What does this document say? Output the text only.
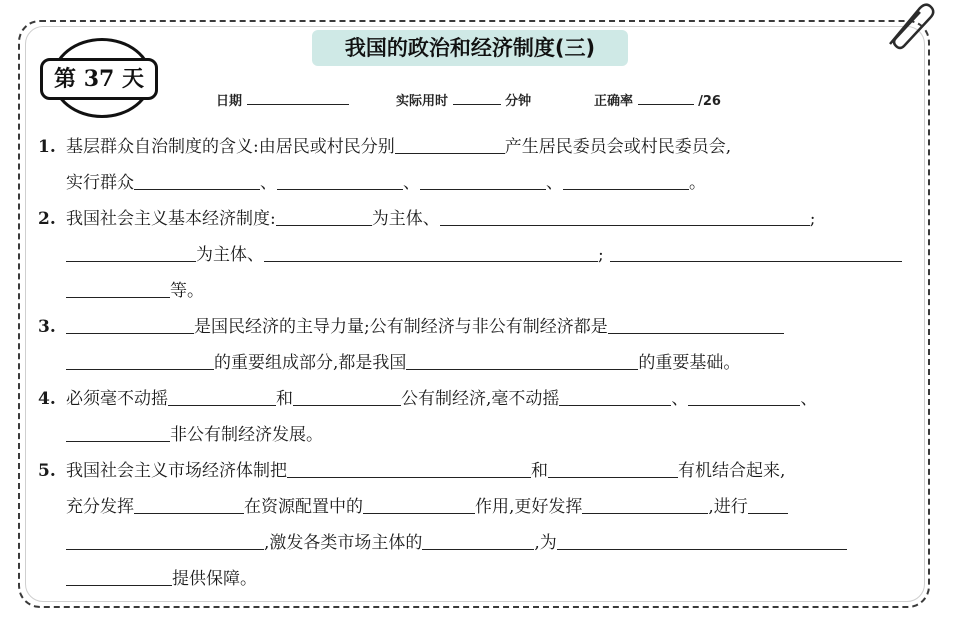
我国的政治和经济制度(三)
第 37 天
日期	实际用时	分钟	正确率	/26
1. 基层群众自治制度的含义:由居民或村民分别	产生居民委员会或村民委员会,
实行群众	、	、	、	。
2. 我国社会主义基本经济制度:	为主体、	;
为主体、	;
等。
3.	是国民经济的主导力量;公有制经济与非公有制经济都是
的重要组成部分,都是我国	的重要基础。
4. 必须毫不动摇	和	公有制经济,毫不动摇	、	、
非公有制经济发展。
5. 我国社会主义市场经济体制把	和	有机结合起来,
充分发挥	在资源配置中的	作用,更好发挥	,进行
,激发各类市场主体的	,为
提供保障。
